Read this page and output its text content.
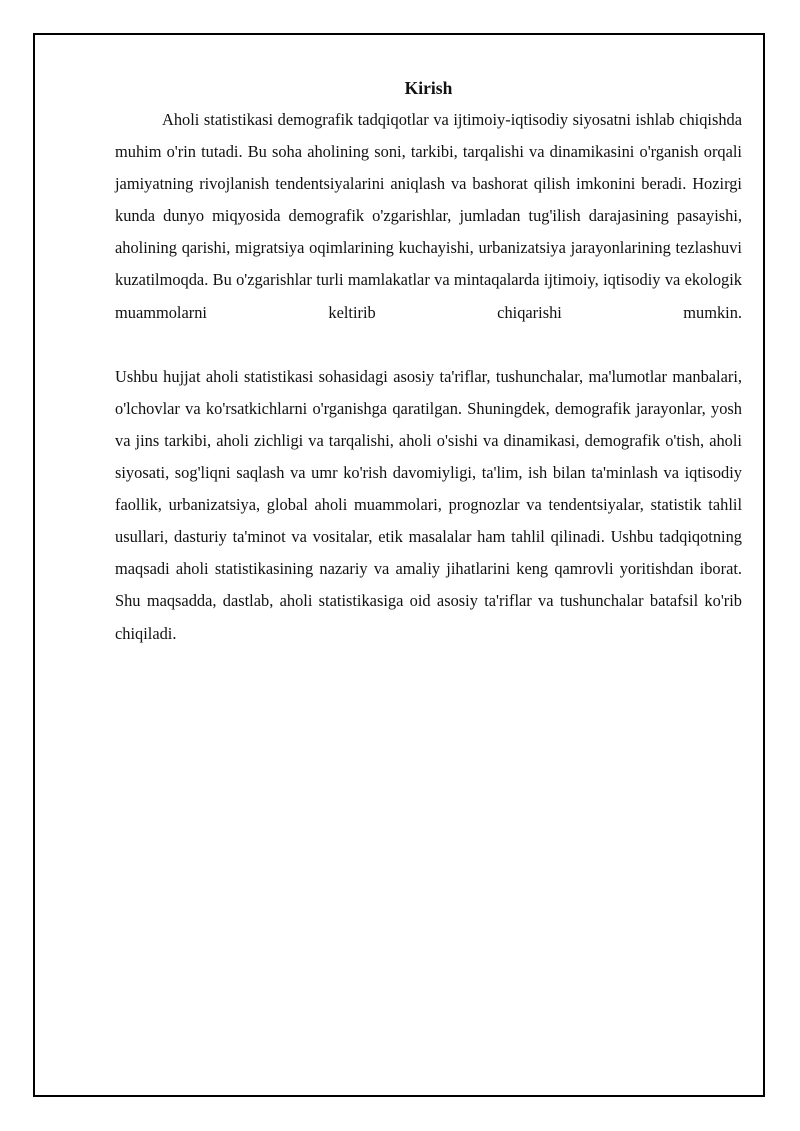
Kirish

Aholi statistikasi demografik tadqiqotlar va ijtimoiy-iqtisodiy siyosatni ishlab chiqishda muhim o'rin tutadi. Bu soha aholining soni, tarkibi, tarqalishi va dinamikasini o'rganish orqali jamiyatning rivojlanish tendentsiyalarini aniqlash va bashorat qilish imkonini beradi. Hozirgi kunda dunyo miqyosida demografik o'zgarishlar, jumladan tug'ilish darajasining pasayishi, aholining qarishi, migratsiya oqimlarining kuchayishi, urbanizatsiya jarayonlarining tezlashuvi kuzatilmoqda. Bu o'zgarishlar turli mamlakatlar va mintaqalarda ijtimoiy, iqtisodiy va ekologik muammolarni keltirib chiqarishi mumkin.

Ushbu hujjat aholi statistikasi sohasidagi asosiy ta'riflar, tushunchalar, ma'lumotlar manbalari, o'lchovlar va ko'rsatkichlarni o'rganishga qaratilgan. Shuningdek, demografik jarayonlar, yosh va jins tarkibi, aholi zichligi va tarqalishi, aholi o'sishi va dinamikasi, demografik o'tish, aholi siyosati, sog'liqni saqlash va umr ko'rish davomiyligi, ta'lim, ish bilan ta'minlash va iqtisodiy faollik, urbanizatsiya, global aholi muammolari, prognozlar va tendentsiyalar, statistik tahlil usullari, dasturiy ta'minot va vositalar, etik masalalar ham tahlil qilinadi. Ushbu tadqiqotning maqsadi aholi statistikasining nazariy va amaliy jihatlarini keng qamrovli yoritishdan iborat. Shu maqsadda, dastlab, aholi statistikasiga oid asosiy ta'riflar va tushunchalar batafsil ko'rib chiqiladi.
